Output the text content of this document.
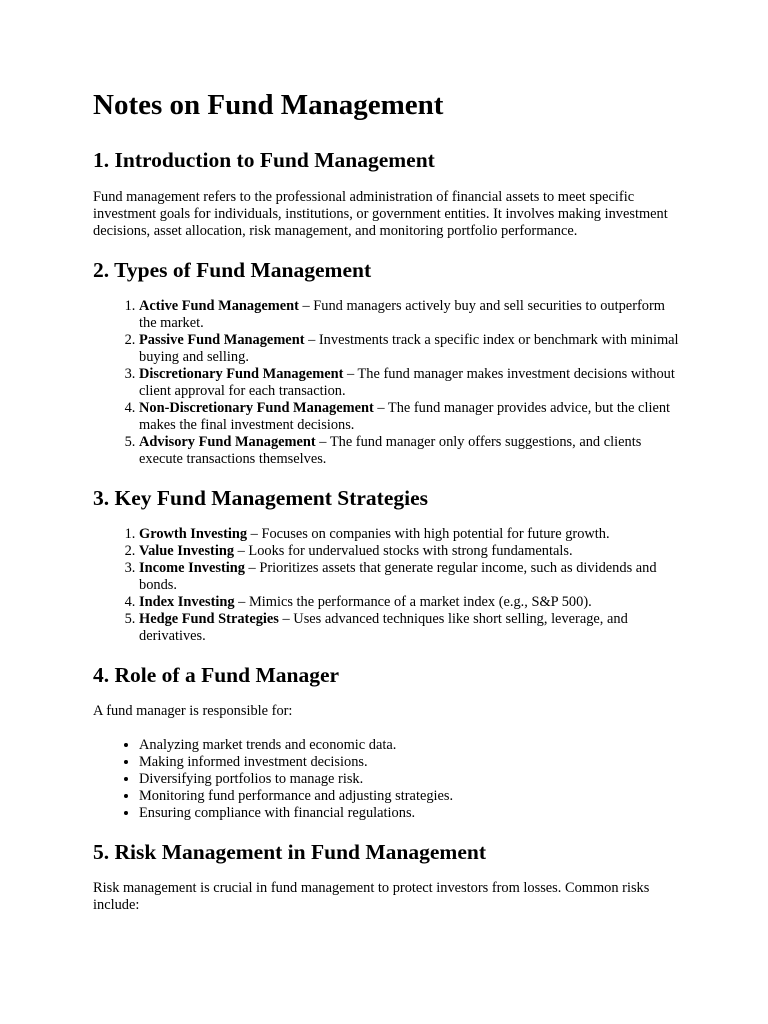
Notes on Fund Management
1. Introduction to Fund Management

Fund management refers to the professional administration of financial assets to meet specific investment goals for individuals, institutions, or government entities. It involves making investment decisions, asset allocation, risk management, and monitoring portfolio performance.

2. Types of Fund Management
1. Active Fund Management – Fund managers actively buy and sell securities to outperform the market.
2. Passive Fund Management – Investments track a specific index or benchmark with minimal buying and selling.
3. Discretionary Fund Management – The fund manager makes investment decisions without client approval for each transaction.
4. Non-Discretionary Fund Management – The fund manager provides advice, but the client makes the final investment decisions.
5. Advisory Fund Management – The fund manager only offers suggestions, and clients execute transactions themselves.
3. Key Fund Management Strategies
1. Growth Investing – Focuses on companies with high potential for future growth.
2. Value Investing – Looks for undervalued stocks with strong fundamentals.
3. Income Investing – Prioritizes assets that generate regular income, such as dividends and bonds.
4. Index Investing – Mimics the performance of a market index (e.g., S&P 500).
5. Hedge Fund Strategies – Uses advanced techniques like short selling, leverage, and derivatives.
4. Role of a Fund Manager

A fund manager is responsible for:

• Analyzing market trends and economic data.
• Making informed investment decisions.
• Diversifying portfolios to manage risk.
• Monitoring fund performance and adjusting strategies.
• Ensuring compliance with financial regulations.
5. Risk Management in Fund Management

Risk management is crucial in fund management to protect investors from losses. Common risks include:
